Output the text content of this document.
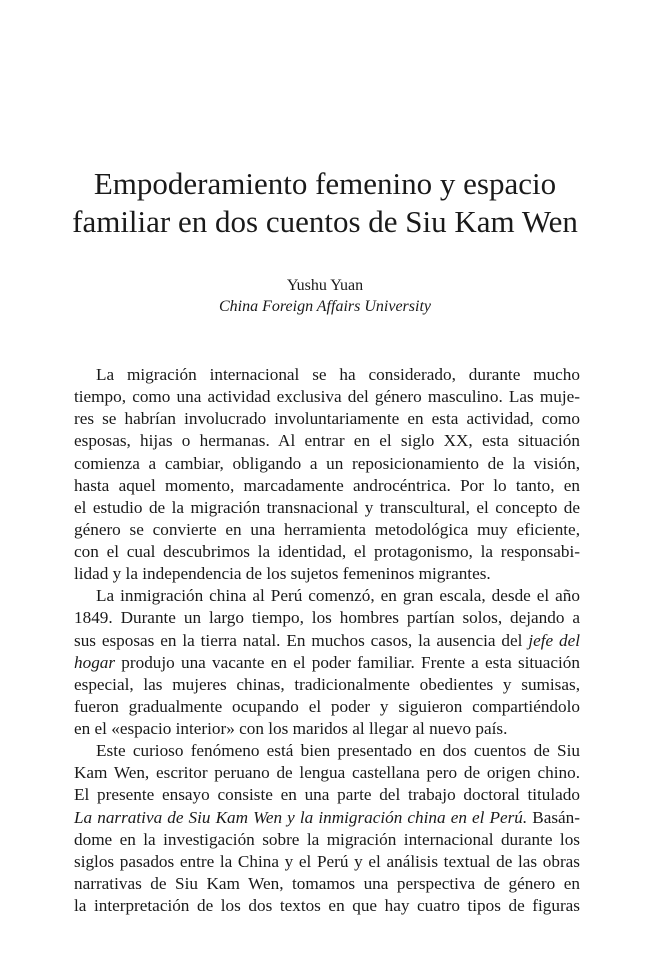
Empoderamiento femenino y espacio
familiar en dos cuentos de Siu Kam Wen
Yushu Yuan
China Foreign Affairs University
La migración internacional se ha considerado, durante mucho
tiempo, como una actividad exclusiva del género masculino. Las muje-
res se habrían involucrado involuntariamente en esta actividad, como
esposas, hijas o hermanas. Al entrar en el siglo XX, esta situación
comienza a cambiar, obligando a un reposicionamiento de la visión,
hasta aquel momento, marcadamente androcéntrica. Por lo tanto, en
el estudio de la migración transnacional y transcultural, el concepto de
género se convierte en una herramienta metodológica muy eficiente,
con el cual descubrimos la identidad, el protagonismo, la responsabi-
lidad y la independencia de los sujetos femeninos migrantes.
La inmigración china al Perú comenzó, en gran escala, desde el año
1849. Durante un largo tiempo, los hombres partían solos, dejando a
sus esposas en la tierra natal. En muchos casos, la ausencia del jefe del
hogar produjo una vacante en el poder familiar. Frente a esta situación
especial, las mujeres chinas, tradicionalmente obedientes y sumisas,
fueron gradualmente ocupando el poder y siguieron compartiéndolo
en el «espacio interior» con los maridos al llegar al nuevo país.
Este curioso fenómeno está bien presentado en dos cuentos de Siu
Kam Wen, escritor peruano de lengua castellana pero de origen chino.
El presente ensayo consiste en una parte del trabajo doctoral titulado
La narrativa de Siu Kam Wen y la inmigración china en el Perú. Basán-
dome en la investigación sobre la migración internacional durante los
siglos pasados entre la China y el Perú y el análisis textual de las obras
narrativas de Siu Kam Wen, tomamos una perspectiva de género en
la interpretación de los dos textos en que hay cuatro tipos de figuras
